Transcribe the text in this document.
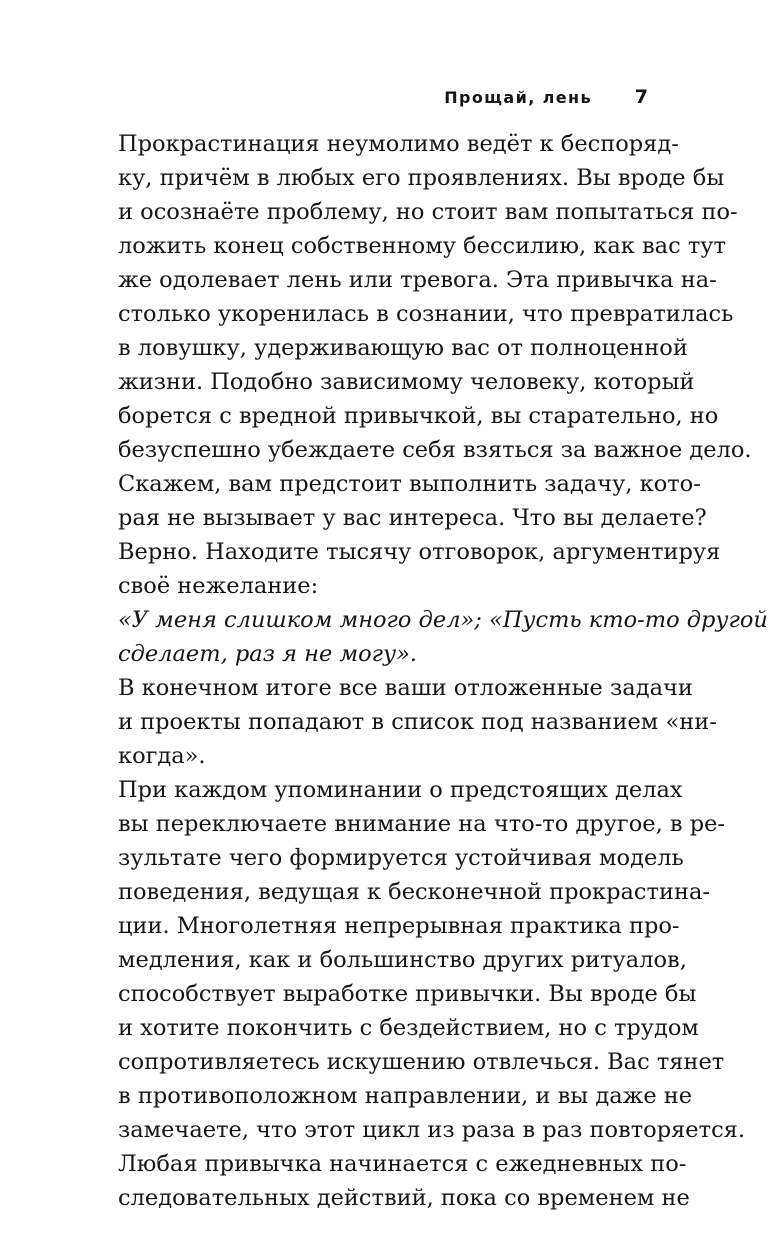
Прощай, лень 7
Прокрастинация неумолимо ведёт к беспоряд-
ку, причём в любых его проявлениях. Вы вроде бы
и осознаёте проблему, но стоит вам попытаться по-
ложить конец собственному бессилию, как вас тут
же одолевает лень или тревога. Эта привычка на-
столько укоренилась в сознании, что превратилась
в ловушку, удерживающую вас от полноценной
жизни. Подобно зависимому человеку, который
борется с вредной привычкой, вы старательно, но
безуспешно убеждаете себя взяться за важное дело.
Скажем, вам предстоит выполнить задачу, кото-
рая не вызывает у вас интереса. Что вы делаете?
Верно. Находите тысячу отговорок, аргументируя
своё нежелание:
«У меня слишком много дел»; «Пусть кто-то другой
сделает, раз я не могу».
В конечном итоге все ваши отложенные задачи
и проекты попадают в список под названием «ни-
когда».
При каждом упоминании о предстоящих делах
вы переключаете внимание на что-то другое, в ре-
зультате чего формируется устойчивая модель
поведения, ведущая к бесконечной прокрастина-
ции. Многолетняя непрерывная практика про-
медления, как и большинство других ритуалов,
способствует выработке привычки. Вы вроде бы
и хотите покончить с бездействием, но с трудом
сопротивляетесь искушению отвлечься. Вас тянет
в противоположном направлении, и вы даже не
замечаете, что этот цикл из раза в раз повторяется.
Любая привычка начинается с ежедневных по-
следовательных действий, пока со временем не
